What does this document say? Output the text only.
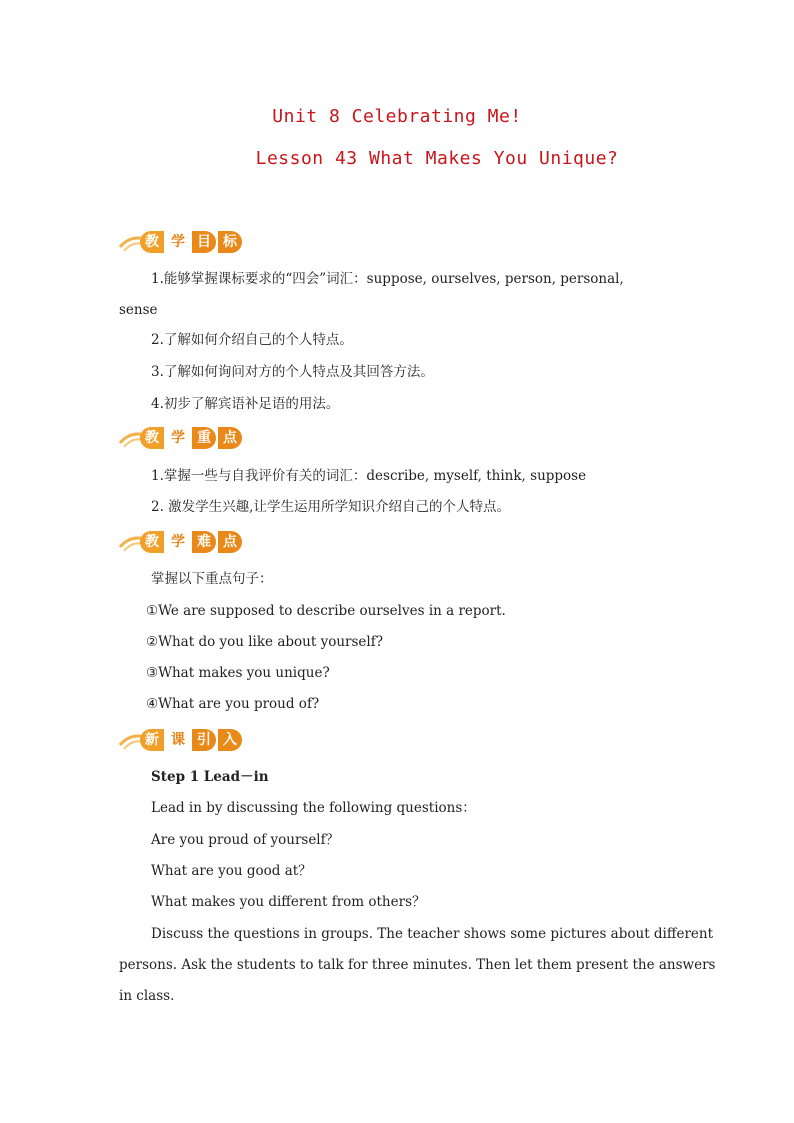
Unit 8 Celebrating Me!
Lesson 43 What Makes You Unique?
教 学 目 标
1.能够掌握课标要求的“四会”词汇：suppose, ourselves, person, personal,
sense
2.了解如何介绍自己的个人特点。
3.了解如何询问对方的个人特点及其回答方法。
4.初步了解宾语补足语的用法。
教 学 重 点
1.掌握一些与自我评价有关的词汇：describe, myself, think, suppose
2. 激发学生兴趣,让学生运用所学知识介绍自己的个人特点。
教 学 难 点
掌握以下重点句子：
①We are supposed to describe ourselves in a report.
②What do you like about yourself?
③What makes you unique?
④What are you proud of?
新 课 引 入
Step 1 Lead－in
Lead in by discussing the following questions：
Are you proud of yourself？
What are you good at？
What makes you different from others？
Discuss the questions in groups. The teacher shows some pictures about different
persons. Ask the students to talk for three minutes. Then let them present the answers
in class.
